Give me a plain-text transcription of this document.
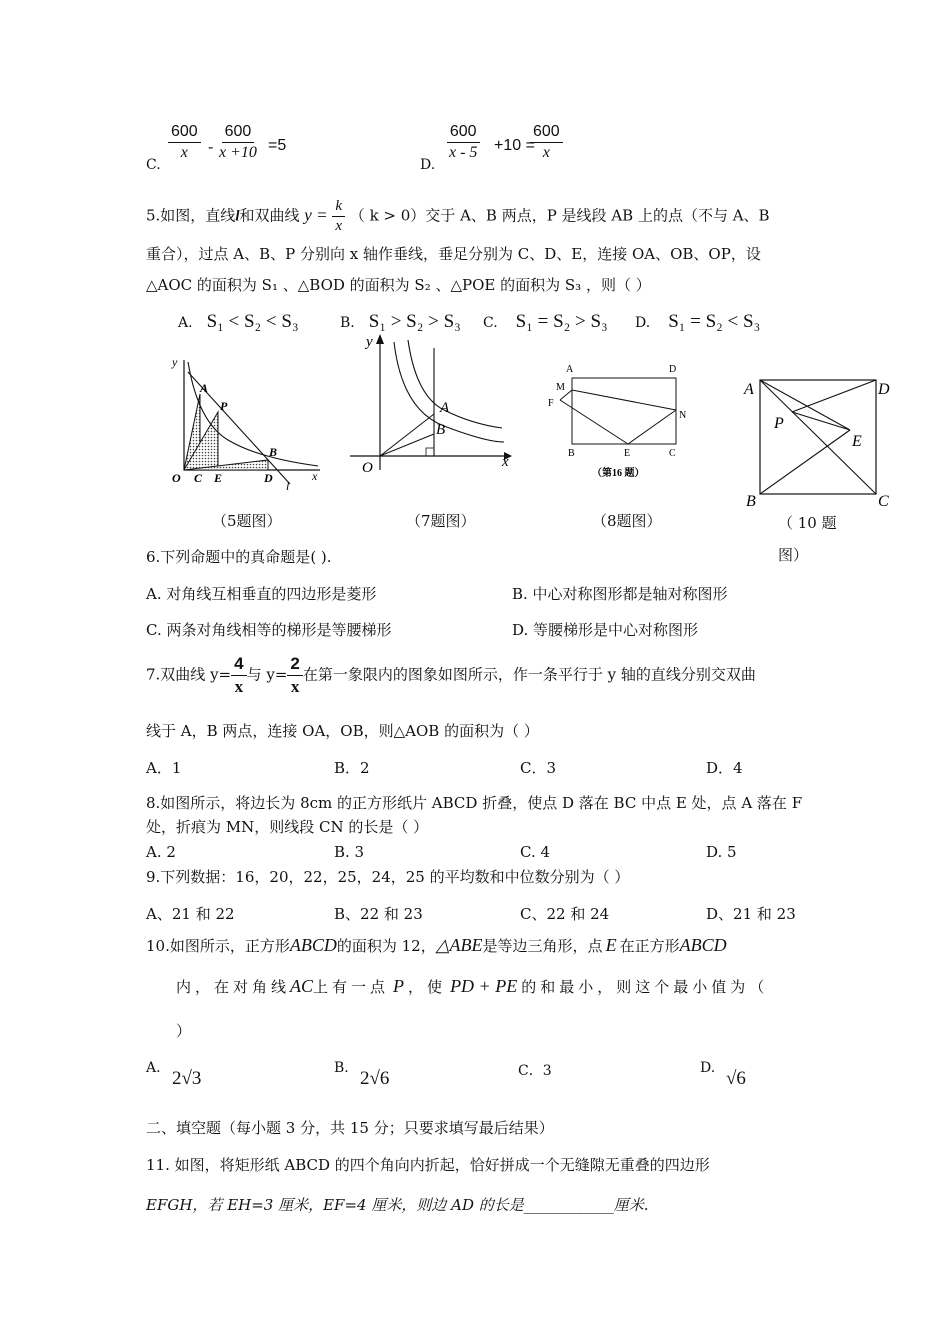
C.
$\frac{600}{x} - \frac{600}{x +10} =5$
D.
$\frac{600}{x - 5} +10$ =
$\frac{600}{x}$
5.如图，直线l和双曲线 $y = \frac{k}{x}$ （ k > 0）交于 A、B 两点，P 是线段 AB 上的点（不与 A、B
重合），过点 A、B、P 分别向 x 轴作垂线，垂足分别为 C、D、E，连接 OA、OB、OP，设
△AOC 的面积为 S₁ 、△BOD 的面积为 S₂ 、△POE 的面积为 S₃ ，则（ ）
A. S₁ < S₂ < S₃	B. S₁ > S₂ > S₃ C. S₁ = S₂ > S₃ D. S₁ = S₂ < S₃
y
A
P
B
O C E	D
l
x
（5题图）
y
A
B
O	x
（7题图）
A	D
M
F
N
B	E	C
（第16 题）
（8题图）
A	D
P
E
B	C
（ 10 题
图）
6.下列命题中的真命题是( ).
A. 对角线互相垂直的四边形是菱形	B. 中心对称图形都是轴对称图形
C. 两条对角线相等的梯形是等腰梯形	D. 等腰梯形是中心对称图形
7.双曲线 $y= \frac{4}{x}$ 与 $y= \frac{2}{x}$ 在第一象限内的图象如图所示，作一条平行于 y 轴的直线分别交双曲
线于 A，B 两点，连接 OA，OB，则△AOB 的面积为（ ）
A．1	B．2	C．3	D．4
8.如图所示，将边长为 8cm 的正方形纸片 ABCD 折叠，使点 D 落在 BC 中点 E 处，点 A 落在 F
处，折痕为 MN，则线段 CN 的长是（ ）
A. 2	B. 3	C. 4	D. 5
9.下列数据：16，20，22，25，24，25 的平均数和中位数分别为（ ）
A、21 和 22	B、22 和 23	C、22 和 24	D、21 和 23
10.如图所示，正方形ABCD的面积为 12，△ABE是等边三角形，点 E 在正方形ABCD
内，在对角线AC上有一点 P ，使 PD + PE 的和最小，则这个最小值为（
）
A. 2√3	B. 2√6	C．3	D. √6
二、填空题（每小题 3 分，共 15 分；只要求填写最后结果）
11. 如图，将矩形纸 ABCD 的四个角向内折起，恰好拼成一个无缝隙无重叠的四边形
EFGH，若 EH=3 厘米，EF=4 厘米，则边 AD 的长是____________厘米.
